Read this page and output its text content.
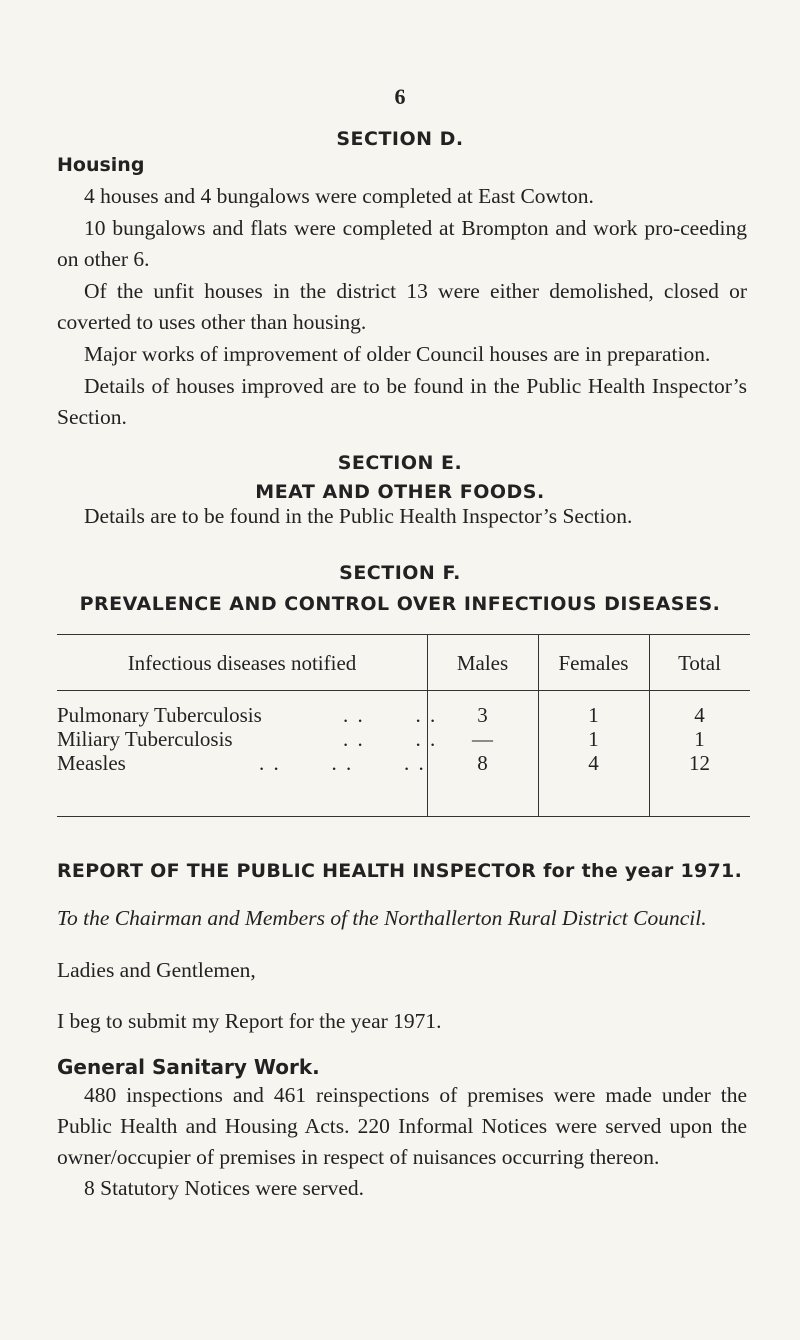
6
SECTION D.
Housing
4 houses and 4 bungalows were completed at East Cowton.
10 bungalows and flats were completed at Brompton and work pro-ceeding on other 6.
Of the unfit houses in the district 13 were either demolished, closed or coverted to uses other than housing.
Major works of improvement of older Council houses are in preparation.
Details of houses improved are to be found in the Public Health Inspector’s Section.
SECTION E.
MEAT AND OTHER FOODS.
Details are to be found in the Public Health Inspector’s Section.
SECTION F.
PREVALENCE AND CONTROL OVER INFECTIOUS DISEASES.
Infectious diseases notified	Males	Females	Total
Pulmonary Tuberculosis	. .       . .	3	1	4
Miliary Tuberculosis	. .       . .	—	1	1
Measles	. .       . .       . .	8	4	12
REPORT OF THE PUBLIC HEALTH INSPECTOR for the year 1971.
To the Chairman and Members of the Northallerton Rural District Council.
Ladies and Gentlemen,
I beg to submit my Report for the year 1971.
General Sanitary Work.
480 inspections and 461 reinspections of premises were made under the Public Health and Housing Acts. 220 Informal Notices were served upon the owner/occupier of premises in respect of nuisances occurring thereon.
8 Statutory Notices were served.
